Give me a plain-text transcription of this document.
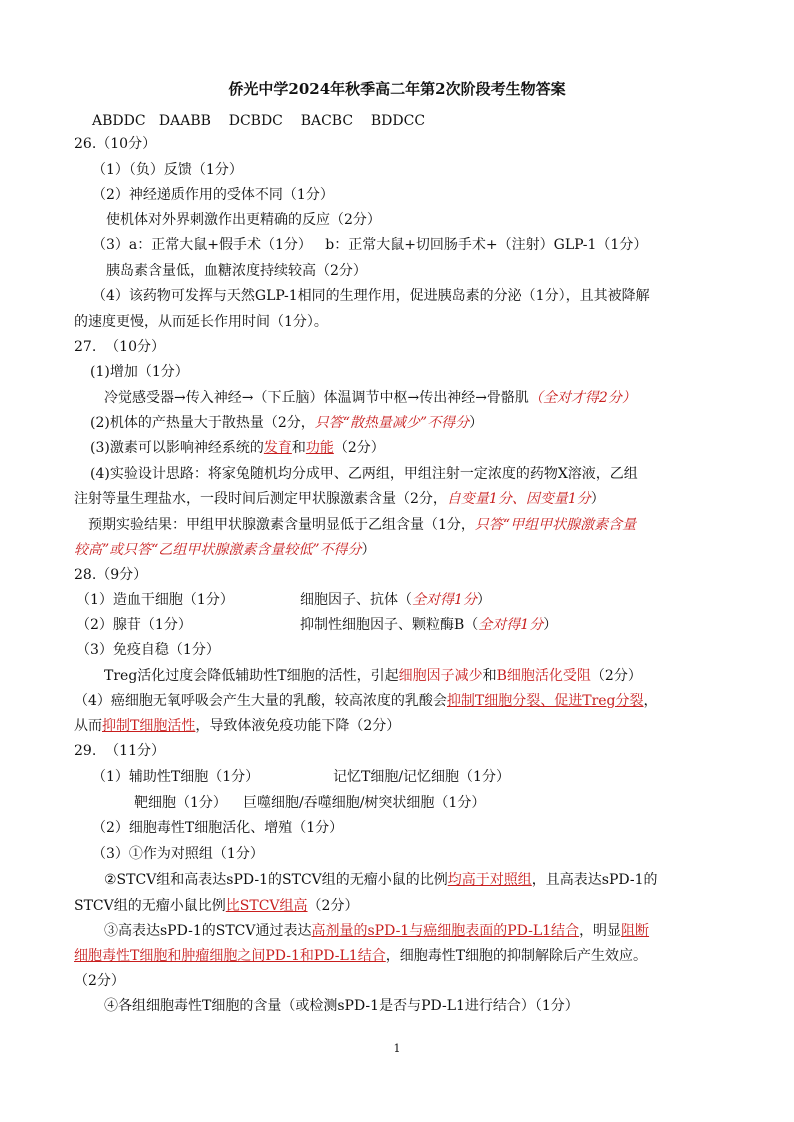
侨光中学2024年秋季高二年第2次阶段考生物答案
ABDDC   DAABB    DCBDC    BACBC    BDDCC
26.（10分）
（1）（负）反馈（1分）
（2）神经递质作用的受体不同（1分）
使机体对外界刺激作出更精确的反应（2分）
（3）a：正常大鼠+假手术（1分）   b：正常大鼠+切回肠手术+（注射）GLP-1（1分）
胰岛素含量低，血糖浓度持续较高（2分）
（4）该药物可发挥与天然GLP-1相同的生理作用，促进胰岛素的分泌（1分），且其被降解
的速度更慢，从而延长作用时间（1分）。
27.  （10分）
(1)增加（1分）
冷觉感受器→传入神经→（下丘脑）体温调节中枢→传出神经→骨骼肌（全对才得2分）
(2)机体的产热量大于散热量（2分，只答“散热量减少”不得分）
(3)激素可以影响神经系统的发育和功能（2分）
(4)实验设计思路：将家兔随机均分成甲、乙两组，甲组注射一定浓度的药物X溶液，乙组
注射等量生理盐水，一段时间后测定甲状腺激素含量（2分，自变量1分、因变量1分）
预期实验结果：甲组甲状腺激素含量明显低于乙组含量（1分，只答“甲组甲状腺激素含量
较高”或只答“乙组甲状腺激素含量较低”不得分）
28.（9分）
（1）造血干细胞（1分）	细胞因子、抗体（全对得1分）
（2）腺苷（1分）	抑制性细胞因子、颗粒酶B（全对得1分）
（3）免疫自稳（1分）
Treg活化过度会降低辅助性T细胞的活性，引起细胞因子减少和B细胞活化受阻（2分）
（4）癌细胞无氧呼吸会产生大量的乳酸，较高浓度的乳酸会抑制T细胞分裂、促进Treg分裂，
从而抑制T细胞活性，导致体液免疫功能下降（2分）
29.  （11分）
（1）辅助性T细胞（1分）	记忆T细胞/记忆细胞（1分）
靶细胞（1分） 巨噬细胞/吞噬细胞/树突状细胞（1分）
（2）细胞毒性T细胞活化、增殖（1分）
（3）①作为对照组（1分）
②STCV组和高表达sPD-1的STCV组的无瘤小鼠的比例均高于对照组，且高表达sPD-1的
STCV组的无瘤小鼠比例比STCV组高（2分）
③高表达sPD-1的STCV通过表达高剂量的sPD-1与癌细胞表面的PD-L1结合，明显阻断
细胞毒性T细胞和肿瘤细胞之间PD-1和PD-L1结合，细胞毒性T细胞的抑制解除后产生效应。
（2分）
④各组细胞毒性T细胞的含量（或检测sPD-1是否与PD-L1进行结合）（1分）
1
